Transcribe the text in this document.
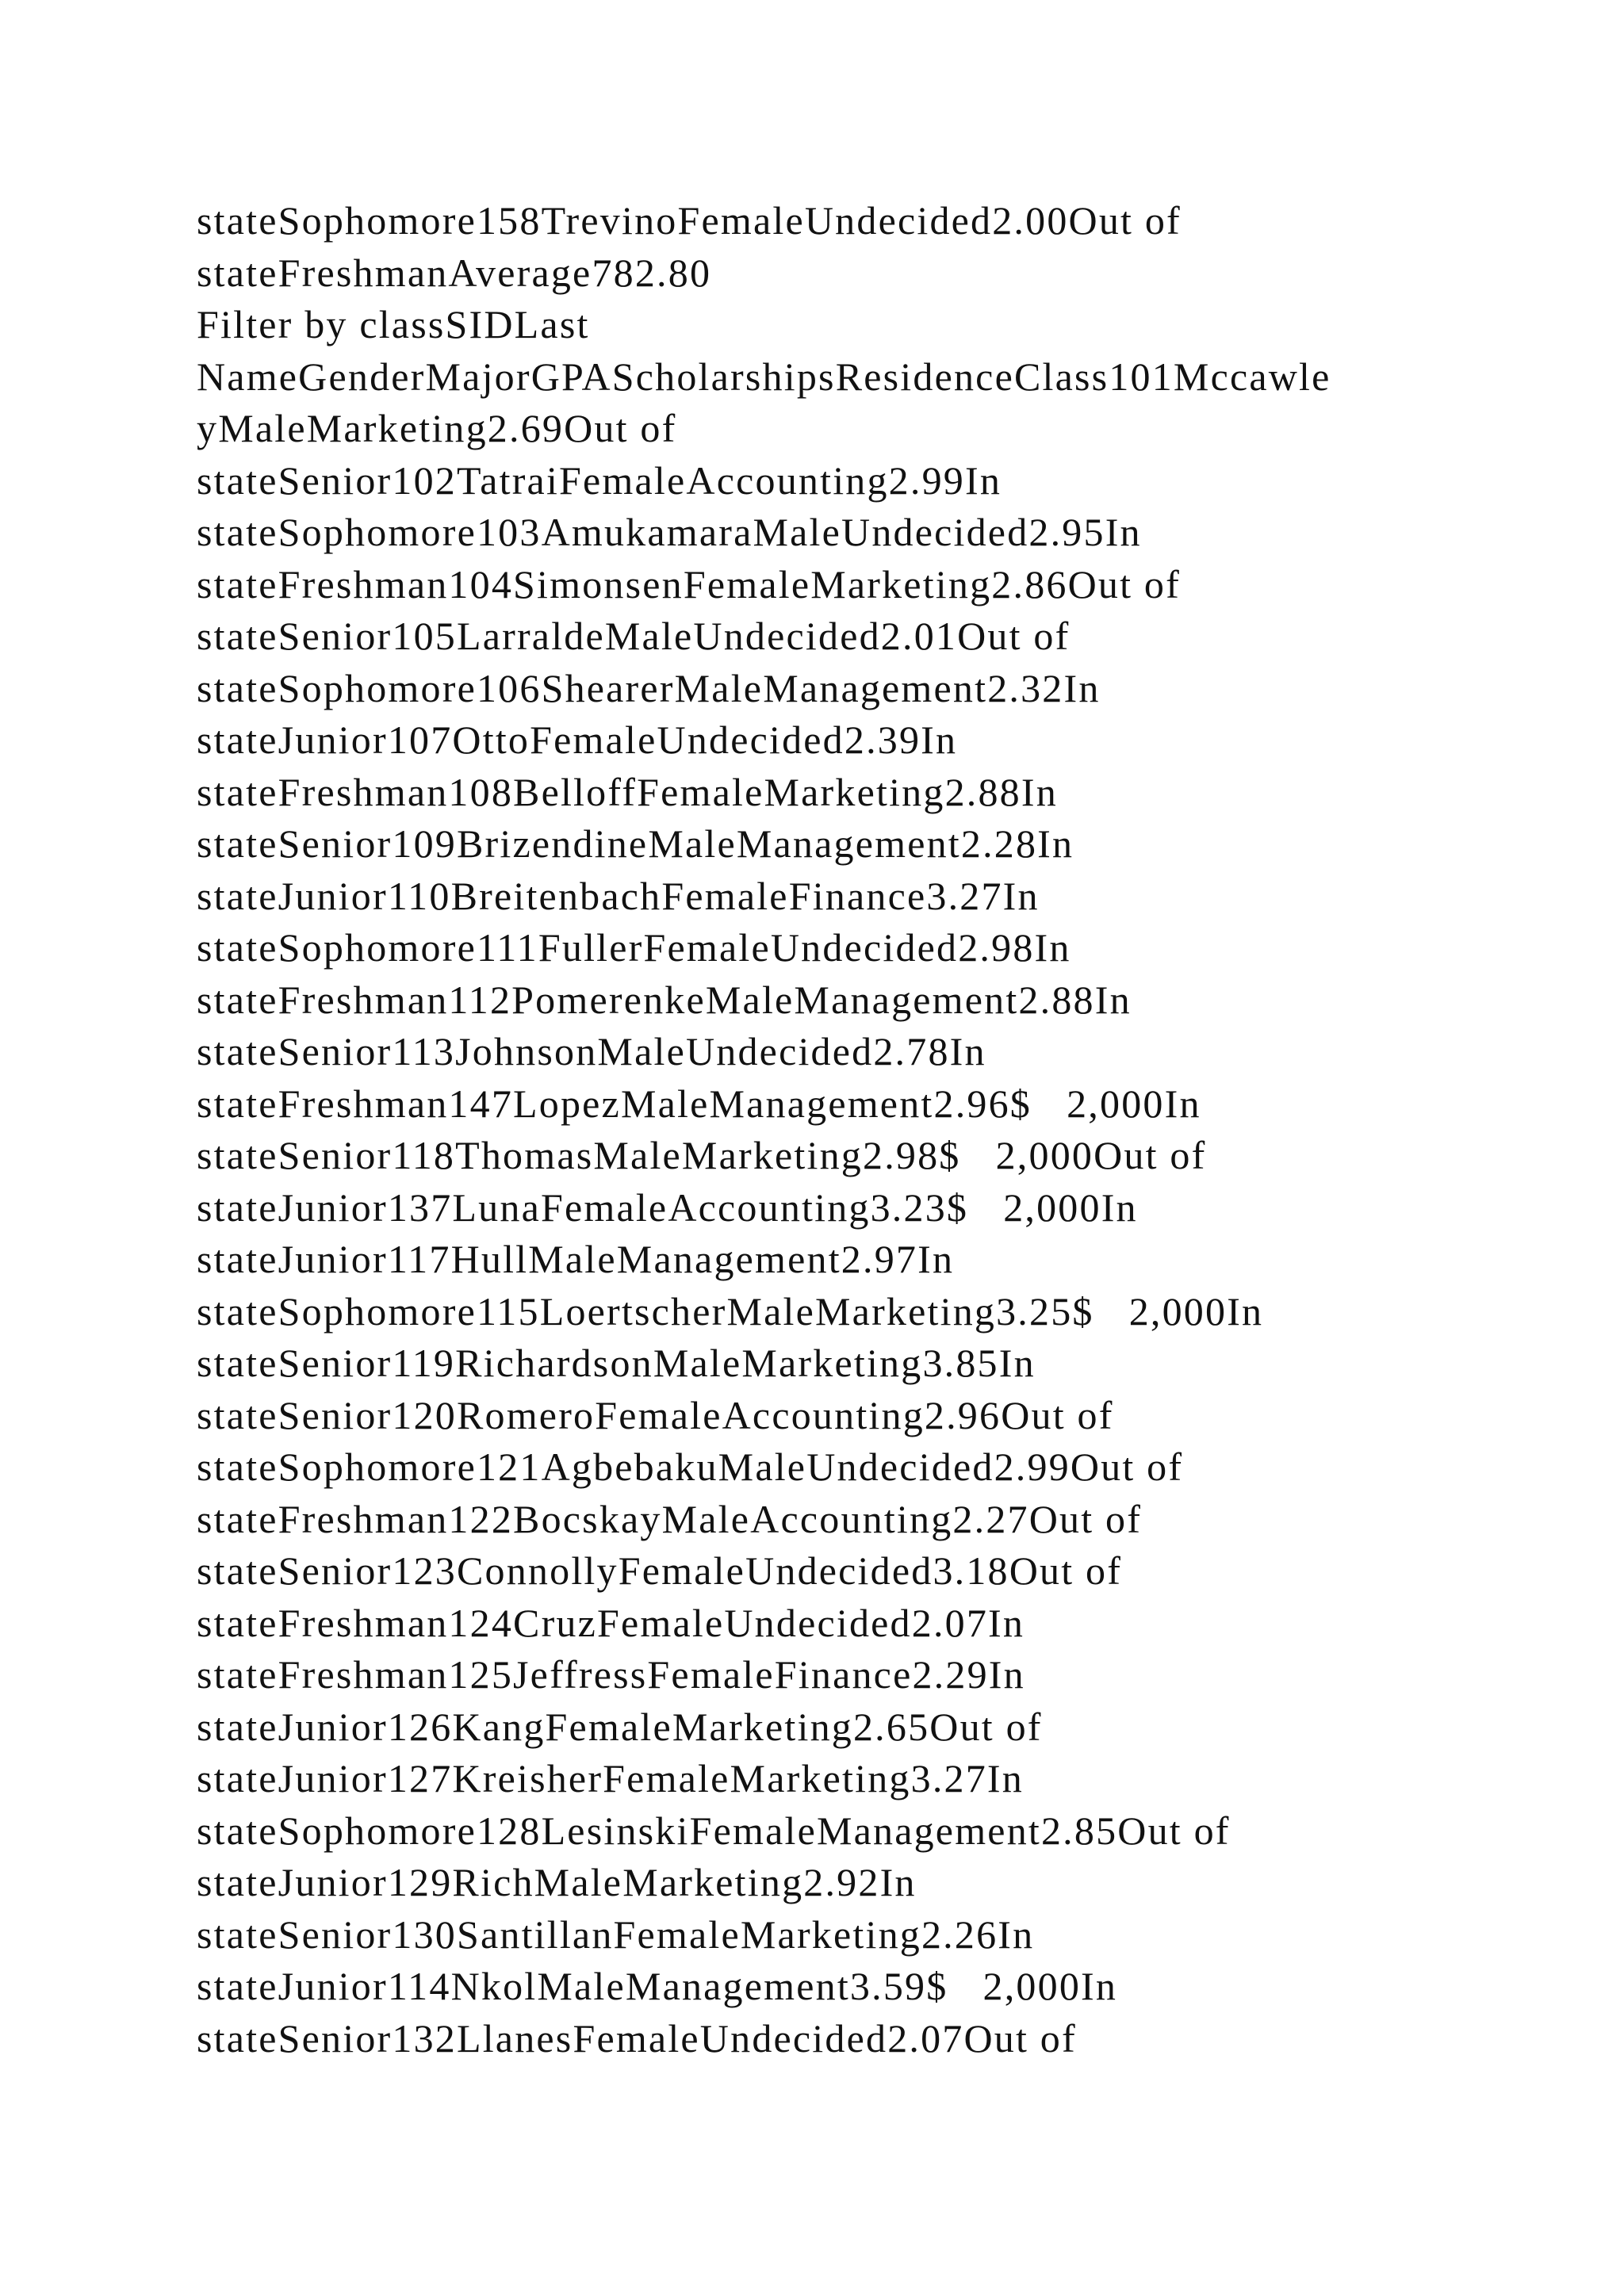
stateSophomore158TrevinoFemaleUndecided2.00Out of
stateFreshmanAverage782.80
Filter by classSIDLast
NameGenderMajorGPAScholarshipsResidenceClass101Mccawle
yMaleMarketing2.69Out of
stateSenior102TatraiFemaleAccounting2.99In
stateSophomore103AmukamaraMaleUndecided2.95In
stateFreshman104SimonsenFemaleMarketing2.86Out of
stateSenior105LarraldeMaleUndecided2.01Out of
stateSophomore106ShearerMaleManagement2.32In
stateJunior107OttoFemaleUndecided2.39In
stateFreshman108BelloffFemaleMarketing2.88In
stateSenior109BrizendineMaleManagement2.28In
stateJunior110BreitenbachFemaleFinance3.27In
stateSophomore111FullerFemaleUndecided2.98In
stateFreshman112PomerenkeMaleManagement2.88In
stateSenior113JohnsonMaleUndecided2.78In
stateFreshman147LopezMaleManagement2.96$   2,000In
stateSenior118ThomasMaleMarketing2.98$   2,000Out of
stateJunior137LunaFemaleAccounting3.23$   2,000In
stateJunior117HullMaleManagement2.97In
stateSophomore115LoertscherMaleMarketing3.25$   2,000In
stateSenior119RichardsonMaleMarketing3.85In
stateSenior120RomeroFemaleAccounting2.96Out of
stateSophomore121AgbebakuMaleUndecided2.99Out of
stateFreshman122BocskayMaleAccounting2.27Out of
stateSenior123ConnollyFemaleUndecided3.18Out of
stateFreshman124CruzFemaleUndecided2.07In
stateFreshman125JeffressFemaleFinance2.29In
stateJunior126KangFemaleMarketing2.65Out of
stateJunior127KreisherFemaleMarketing3.27In
stateSophomore128LesinskiFemaleManagement2.85Out of
stateJunior129RichMaleMarketing2.92In
stateSenior130SantillanFemaleMarketing2.26In
stateJunior114NkolMaleManagement3.59$   2,000In
stateSenior132LlanesFemaleUndecided2.07Out of
